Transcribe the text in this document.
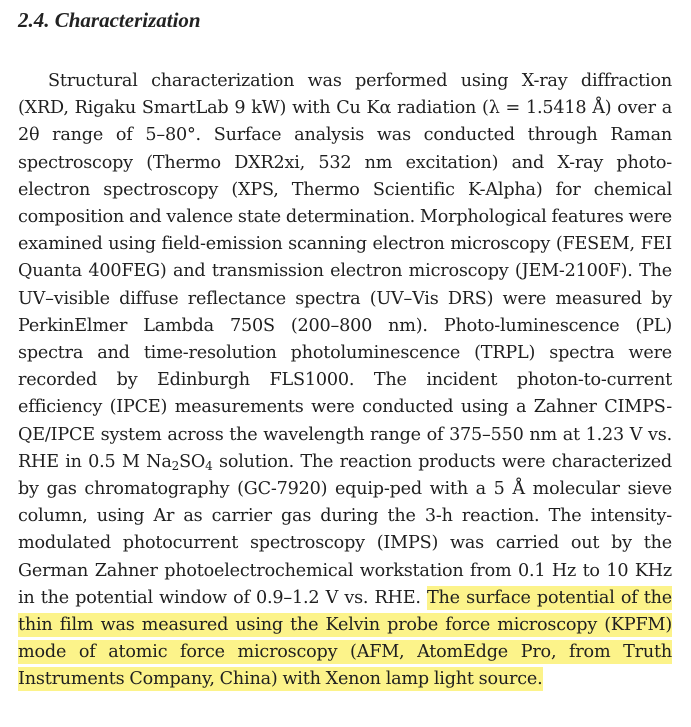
2.4. Characterization

Structural characterization was performed using X-ray diffraction (XRD, Rigaku SmartLab 9 kW) with Cu Kα radiation (λ = 1.5418 Å) over a 2θ range of 5–80°. Surface analysis was conducted through Raman spectroscopy (Thermo DXR2xi, 532 nm excitation) and X-ray photo-electron spectroscopy (XPS, Thermo Scientific K-Alpha) for chemical composition and valence state determination. Morphological features were examined using field-emission scanning electron microscopy (FESEM, FEI Quanta 400FEG) and transmission electron microscopy (JEM-2100F). The UV–visible diffuse reflectance spectra (UV–Vis DRS) were measured by PerkinElmer Lambda 750S (200–800 nm). Photo-luminescence (PL) spectra and time-resolution photoluminescence (TRPL) spectra were recorded by Edinburgh FLS1000. The incident photon-to-current efficiency (IPCE) measurements were conducted using a Zahner CIMPS-QE/IPCE system across the wavelength range of 375–550 nm at 1.23 V vs. RHE in 0.5 M $Na_2SO_4$ solution. The reaction products were characterized by gas chromatography (GC-7920) equip-ped with a 5 Å molecular sieve column, using Ar as carrier gas during the 3-h reaction. The intensity-modulated photocurrent spectroscopy (IMPS) was carried out by the German Zahner photoelectrochemical workstation from 0.1 Hz to 10 KHz in the potential window of 0.9–1.2 V vs. RHE. The surface potential of the thin film was measured using the Kelvin probe force microscopy (KPFM) mode of atomic force microscopy (AFM, AtomEdge Pro, from Truth Instruments Company, China) with Xenon lamp light source.
